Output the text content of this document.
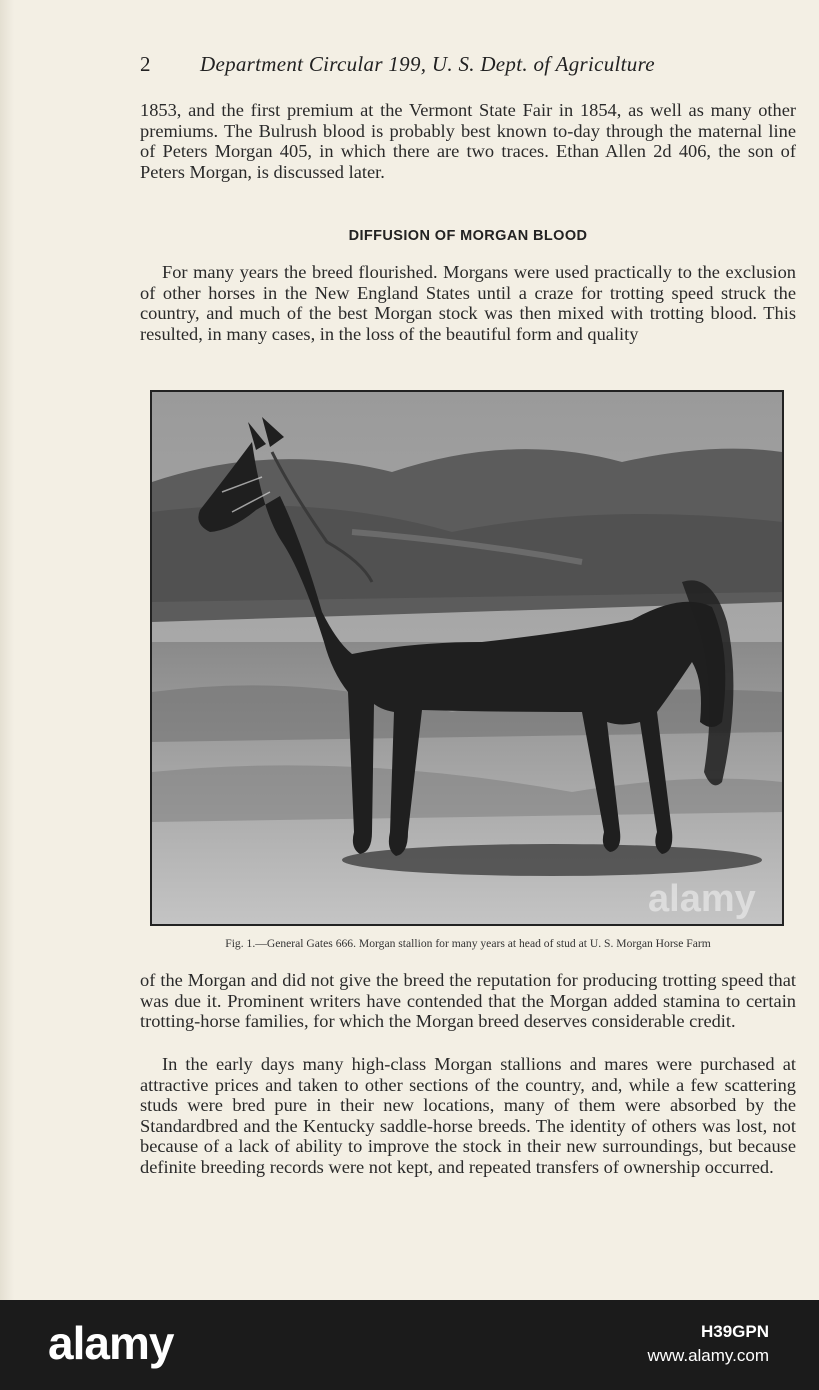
2 Department Circular 199, U. S. Dept. of Agriculture

1853, and the first premium at the Vermont State Fair in 1854, as well as many other premiums. The Bulrush blood is probably best known to-day through the maternal line of Peters Morgan 405, in which there are two traces. Ethan Allen 2d 406, the son of Peters Morgan, is discussed later.

DIFFUSION OF MORGAN BLOOD

For many years the breed flourished. Morgans were used practically to the exclusion of other horses in the New England States until a craze for trotting speed struck the country, and much of the best Morgan stock was then mixed with trotting blood. This resulted, in many cases, in the loss of the beautiful form and quality

Fig. 1.—General Gates 666. Morgan stallion for many years at head of stud at U. S. Morgan Horse Farm

of the Morgan and did not give the breed the reputation for producing trotting speed that was due it. Prominent writers have contended that the Morgan added stamina to certain trotting-horse families, for which the Morgan breed deserves considerable credit.

In the early days many high-class Morgan stallions and mares were purchased at attractive prices and taken to other sections of the country, and, while a few scattering studs were bred pure in their new locations, many of them were absorbed by the Standardbred and the Kentucky saddle-horse breeds. The identity of others was lost, not because of a lack of ability to improve the stock in their new surroundings, but because definite breeding records were not kept, and repeated transfers of ownership occurred.

alamy
alamy	H39GPN
www.alamy.com
